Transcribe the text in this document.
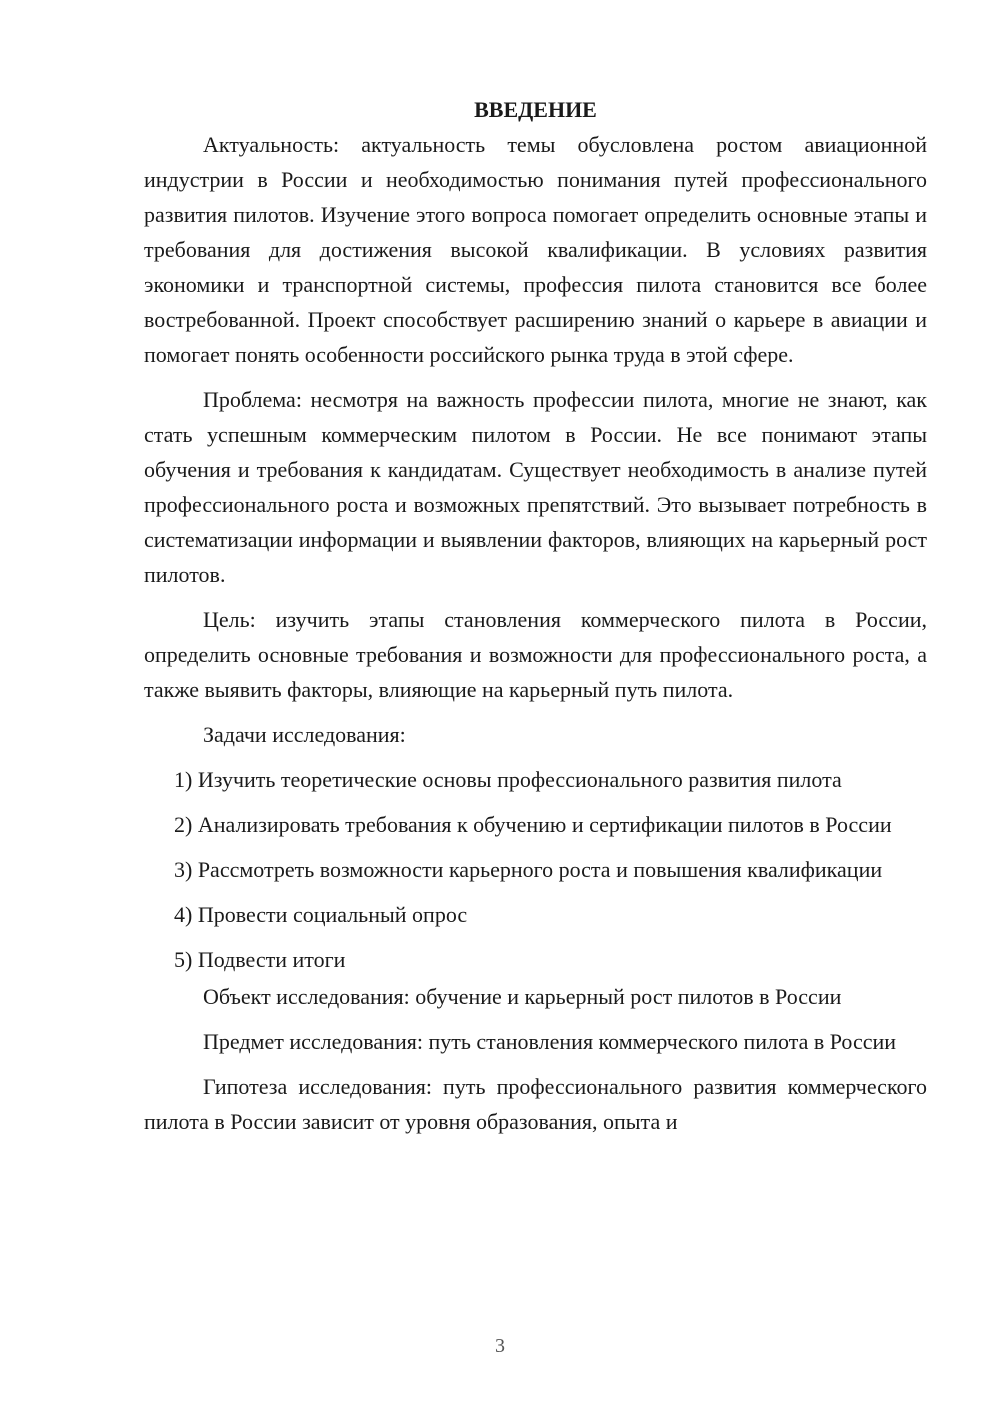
ВВЕДЕНИЕ

Актуальность: актуальность темы обусловлена ростом авиационной индустрии в России и необходимостью понимания путей профессионального развития пилотов. Изучение этого вопроса помогает определить основные этапы и требования для достижения высокой квалификации. В условиях развития экономики и транспортной системы, профессия пилота становится все более востребованной. Проект способствует расширению знаний о карьере в авиации и помогает понять особенности российского рынка труда в этой сфере.

Проблема: несмотря на важность профессии пилота, многие не знают, как стать успешным коммерческим пилотом в России. Не все понимают этапы обучения и требования к кандидатам. Существует необходимость в анализе путей профессионального роста и возможных препятствий. Это вызывает потребность в систематизации информации и выявлении факторов, влияющих на карьерный рост пилотов.

Цель: изучить этапы становления коммерческого пилота в России, определить основные требования и возможности для профессионального роста, а также выявить факторы, влияющие на карьерный путь пилота.

Задачи исследования:

1) Изучить теоретические основы профессионального развития пилота

2) Анализировать требования к обучению и сертификации пилотов в России

3) Рассмотреть возможности карьерного роста и повышения квалификации

4) Провести социальный опрос

5) Подвести итоги

Объект исследования: обучение и карьерный рост пилотов в России

Предмет исследования: путь становления коммерческого пилота в России

Гипотеза исследования: путь профессионального развития коммерческого пилота в России зависит от уровня образования, опыта и

3
